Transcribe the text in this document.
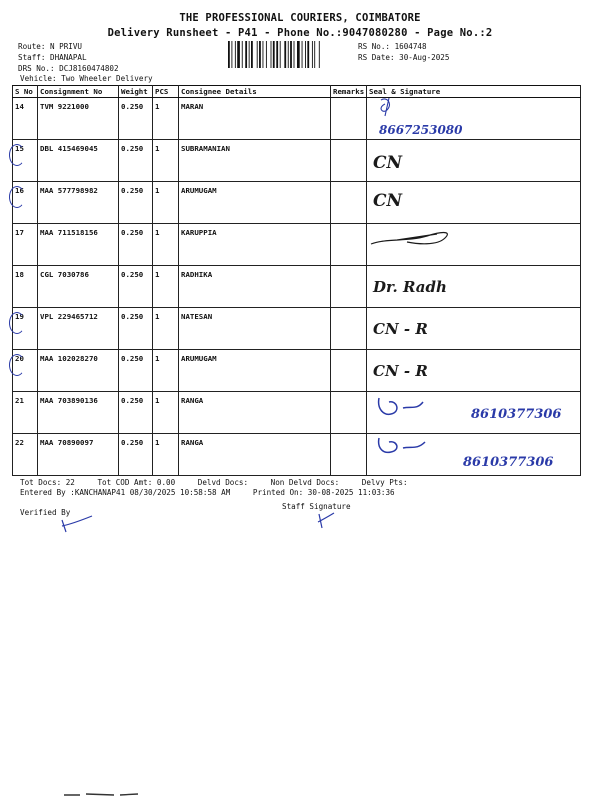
THE PROFESSIONAL COURIERS, COIMBATORE
Delivery Runsheet - P41 - Phone No.:9047080280 - Page No.:2
Route: N PRIVU
Staff: DHANAPAL
DRS No.: DCJ8160474802
RS No.: 1604748
RS Date: 30-Aug-2025
Vehicle: Two Wheeler Delivery
S No	Consignment No	Weight	PCS	Consignee Details	Remarks	Seal & Signature
14	TVM 9221000	0.250	1	MARAN		8667253080

15	DBL 415469045	0.250	1	SUBRAMANIAN		CN

16	MAA 577798982	0.250	1	ARUMUGAM		CN

17	MAA 711518156	0.250	1	KARUPPIA		

18	CGL 7030786	0.250	1	RADHIKA		Dr. Radh

19	VPL 229465712	0.250	1	NATESAN		CN - R

20	MAA 102028270	0.250	1	ARUMUGAM		CN - R

21	MAA 703890136	0.250	1	RANGA		8610377306

22	MAA 70890097	0.250	1	RANGA		8610377306
Tot Docs: 22	Tot COD Amt: 0.00	Delvd Docs:	Non Delvd Docs:	Delvy Pts:
Entered By :KANCHANAP41 08/30/2025 10:58:58 AM	Printed On: 30-08-2025 11:03:36
Verified By
Staff Signature
